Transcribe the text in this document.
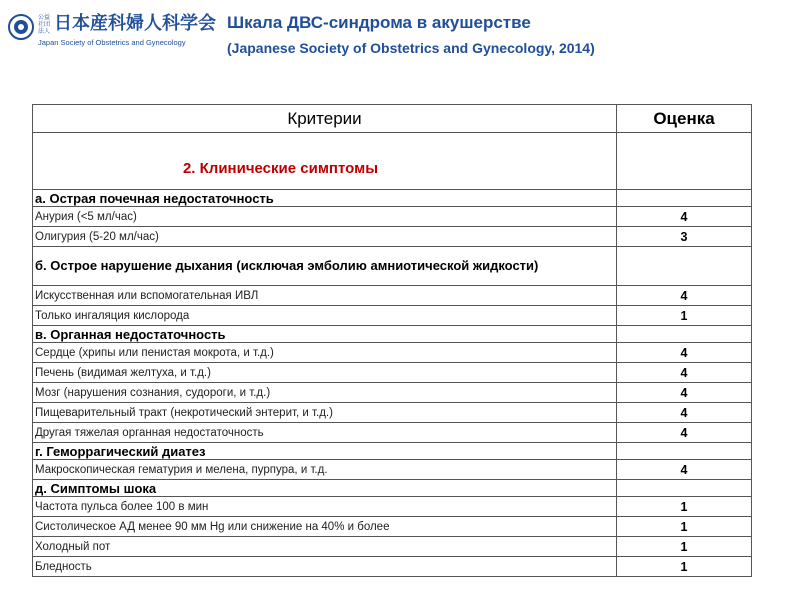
公益社団法人 日本産科婦人科学会
Japan Society of Obstetrics and Gynecology
Шкала ДВС-синдрома в акушерстве
(Japanese Society of Obstetrics and Gynecology, 2014)
Критерии	Оценка
2. Клинические симптомы	
а. Острая почечная недостаточность	
Анурия (<5 мл/час)	4
Олигурия (5-20 мл/час)	3
б. Острое нарушение дыхания (исключая эмболию амниотической жидкости)	
Искусственная или вспомогательная ИВЛ	4
Только ингаляция кислорода	1
в. Органная недостаточность	
Сердце (хрипы или пенистая мокрота, и т.д.)	4
Печень (видимая желтуха, и т.д.)	4
Мозг (нарушения сознания, судороги, и т.д.)	4
Пищеварительный тракт (некротический энтерит, и т.д.)	4
Другая тяжелая органная недостаточность	4
г. Геморрагический диатез	
Макроскопическая гематурия и мелена, пурпура, и т.д.	4
д. Симптомы шока	
Частота пульса более 100 в мин	1
Систолическое АД менее 90 мм Hg или снижение на 40% и более	1
Холодный пот	1
Бледность	1
